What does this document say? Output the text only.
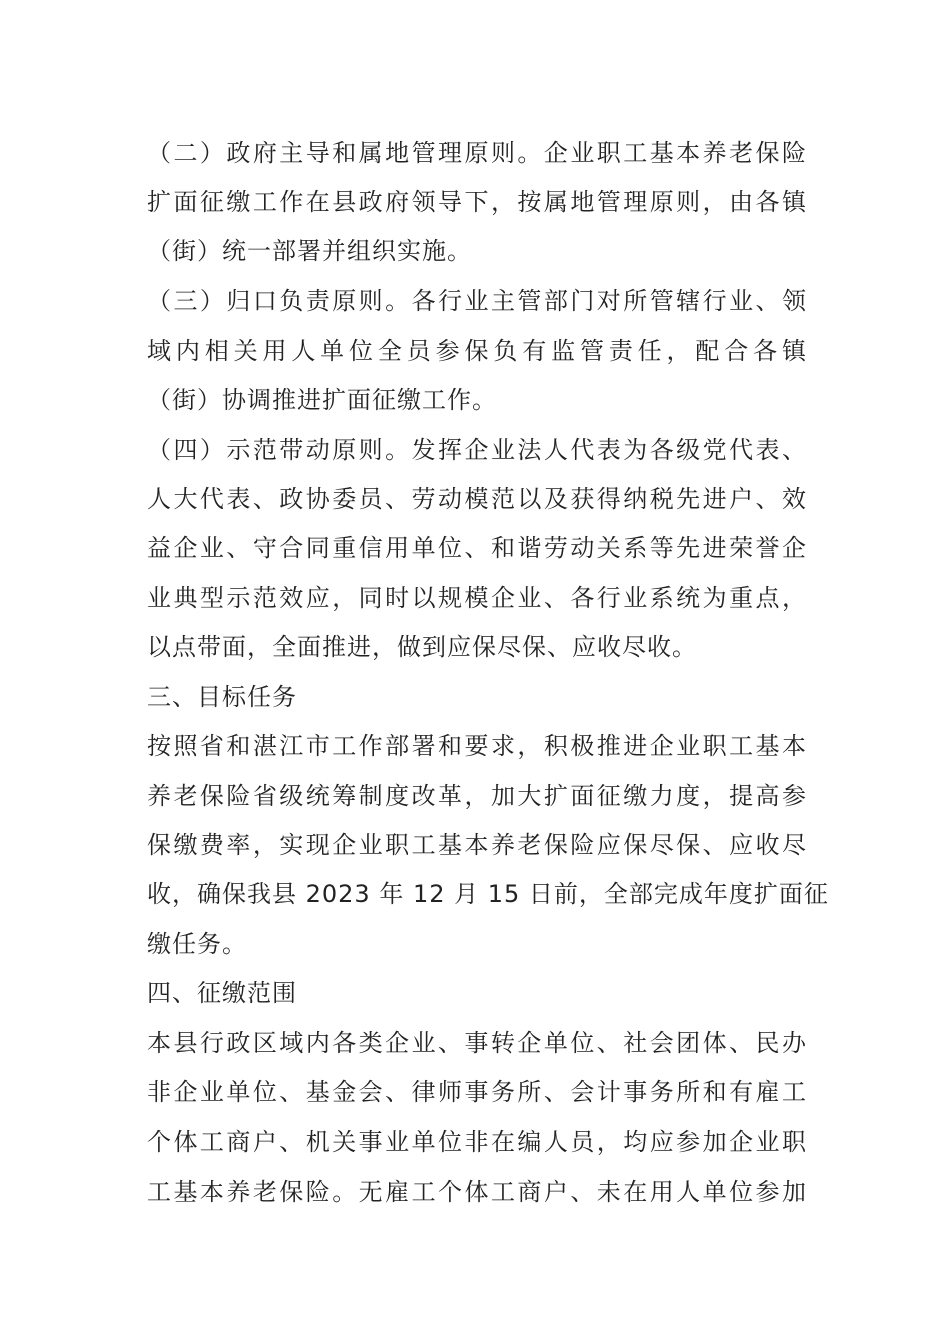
（二）政府主导和属地管理原则。企业职工基本养老保险
扩面征缴工作在县政府领导下，按属地管理原则，由各镇
（街）统一部署并组织实施。
（三）归口负责原则。各行业主管部门对所管辖行业、领
域内相关用人单位全员参保负有监管责任，配合各镇
（街）协调推进扩面征缴工作。
（四）示范带动原则。发挥企业法人代表为各级党代表、
人大代表、政协委员、劳动模范以及获得纳税先进户、效
益企业、守合同重信用单位、和谐劳动关系等先进荣誉企
业典型示范效应，同时以规模企业、各行业系统为重点，
以点带面，全面推进，做到应保尽保、应收尽收。
三、目标任务
按照省和湛江市工作部署和要求，积极推进企业职工基本
养老保险省级统筹制度改革，加大扩面征缴力度，提高参
保缴费率，实现企业职工基本养老保险应保尽保、应收尽
收，确保我县 2023 年 12 月 15 日前，全部完成年度扩面征
缴任务。
四、征缴范围
本县行政区域内各类企业、事转企单位、社会团体、民办
非企业单位、基金会、律师事务所、会计事务所和有雇工
个体工商户、机关事业单位非在编人员，均应参加企业职
工基本养老保险。无雇工个体工商户、未在用人单位参加
